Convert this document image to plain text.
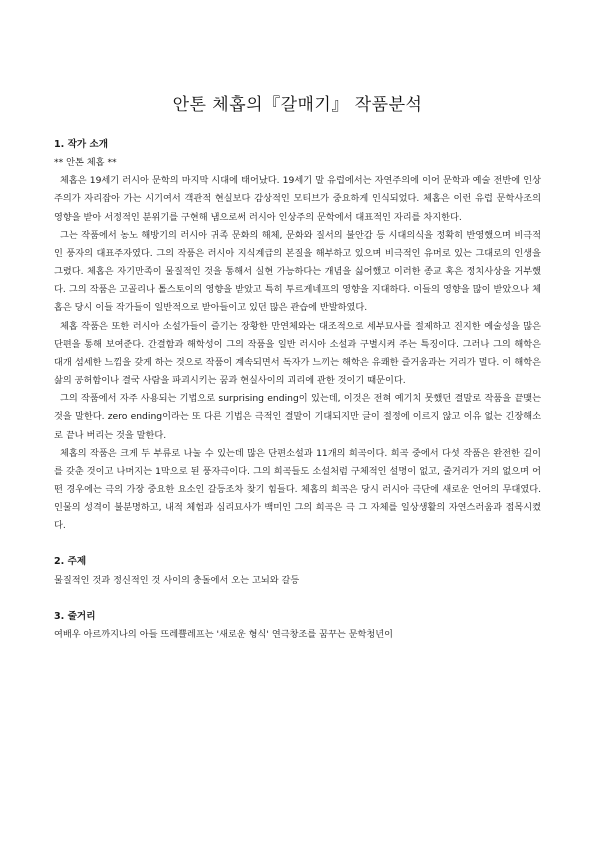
안톤 체홉의『갈매기』 작품분석

1. 작가 소개

** 안톤 체홉 **

체홉은 19세기 러시아 문학의 마지막 시대에 태어났다. 19세기 말 유럽에서는 자연주의에 이어 문학과 예술 전반에 인상주의가 자리잡아 가는 시기여서 객관적 현실보다 감상적인 모티브가 중요하게 인식되었다. 체홉은 이런 유럽 문학사조의 영향을 받아 서정적인 분위기를 구현해 냄으로써 러시아 인상주의 문학에서 대표적인 자리를 차지한다.

그는 작품에서 농노 해방기의 러시아 귀족 문화의 해체, 문화와 질서의 불안감 등 시대의식을 정확히 반영했으며 비극적인 풍자의 대표주자였다. 그의 작품은 러시아 지식계급의 본질을 해부하고 있으며 비극적인 유머로 있는 그대로의 인생을 그렸다. 체홉은 자기만족이 물질적인 것을 통해서 실현 가능하다는 개념을 싫어했고 이러한 종교 혹은 정치사상을 거부했다. 그의 작품은 고골리나 톨스토이의 영향을 받았고 특히 투르게네프의 영향을 지대하다. 이들의 영향을 많이 받았으나 체홉은 당시 이들 작가들이 일반적으로 받아들이고 있던 많은 관습에 반발하였다.

체홉 작품은 또한 러시아 소설가들이 즐기는 장황한 만연체와는 대조적으로 세부묘사를 절제하고 진지한 예술성을 많은 단편을 통해 보여준다. 간결함과 해학성이 그의 작품을 일반 러시아 소설과 구별시켜 주는 특징이다. 그러나 그의 해학은 대개 섬세한 느낌을 갖게 하는 것으로 작품이 계속되면서 독자가 느끼는 해학은 유쾌한 즐거움과는 거리가 멀다. 이 해학은 삶의 공허함이나 결국 사람을 파괴시키는 꿈과 현실사이의 괴리에 관한 것이기 때문이다.

그의 작품에서 자주 사용되는 기법으로 surprising ending이 있는데, 이것은 전혀 예기치 못했던 결말로 작품을 끝맺는 것을 말한다. zero ending이라는 또 다른 기법은 극적인 결말이 기대되지만 글이 절정에 이르지 않고 이유 없는 긴장해소로 끝나 버리는 것을 말한다.

체홉의 작품은 크게 두 부류로 나눌 수 있는데 많은 단편소설과 11개의 희곡이다. 희곡 중에서 다섯 작품은 완전한 길이를 갖춘 것이고 나머지는 1막으로 된 풍자극이다. 그의 희곡들도 소설처럼 구체적인 설명이 없고, 줄거리가 거의 없으며 어떤 경우에는 극의 가장 중요한 요소인 갈등조차 찾기 힘들다. 체홉의 희곡은 당시 러시아 극단에 새로운 언어의 무대였다. 인물의 성격이 불분명하고, 내적 체험과 심리묘사가 백미인 그의 희곡은 극 그 자체를 일상생활의 자연스러움과 접목시켰다.

2. 주제

물질적인 것과 정신적인 것 사이의 충돌에서 오는 고뇌와 갈등

3. 줄거리

여배우 아르까지나의 아들 뜨레쁠레프는 '새로운 형식' 연극창조를 꿈꾸는 문학청년이
